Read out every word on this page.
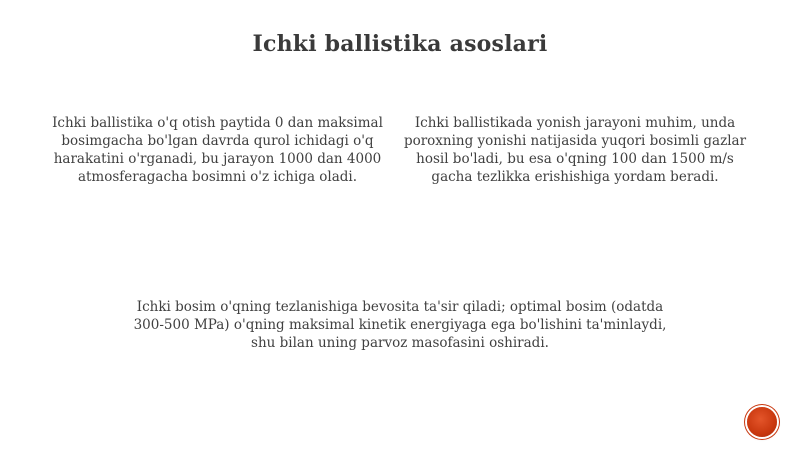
Ichki ballistika asoslari
Ichki ballistika o'q otish paytida 0 dan maksimal bosimgacha bo'lgan davrda qurol ichidagi o'q harakatini o'rganadi, bu jarayon 1000 dan 4000 atmosferagacha bosimni o'z ichiga oladi.
Ichki ballistikada yonish jarayoni muhim, unda poroxning yonishi natijasida yuqori bosimli gazlar hosil bo'ladi, bu esa o'qning 100 dan 1500 m/s gacha tezlikka erishishiga yordam beradi.
Ichki bosim o'qning tezlanishiga bevosita ta'sir qiladi; optimal bosim (odatda 300-500 MPa) o'qning maksimal kinetik energiyaga ega bo'lishini ta'minlaydi, shu bilan uning parvoz masofasini oshiradi.
